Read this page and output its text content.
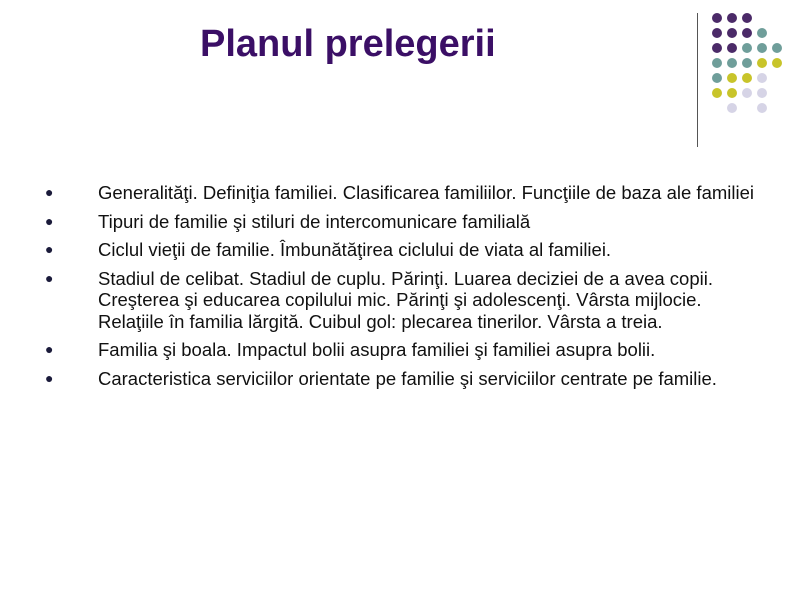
Planul prelegerii
● Generalităţi. Definiţia familiei. Clasificarea familiilor. Funcţiile de baza ale familiei
● Tipuri de familie şi stiluri de intercomunicare familială
● Ciclul vieţii de familie. Îmbunătăţirea ciclului de viata al familiei.
● Stadiul de celibat. Stadiul de cuplu. Părinţi. Luarea deciziei de a avea copii. Creşterea şi educarea copilului mic. Părinţi şi adolescenţi. Vârsta mijlocie. Relaţiile în familia lărgită. Cuibul gol: plecarea tinerilor. Vârsta a treia.
● Familia şi boala. Impactul bolii asupra familiei şi familiei asupra bolii.
● Caracteristica serviciilor orientate pe familie şi serviciilor centrate pe familie.
